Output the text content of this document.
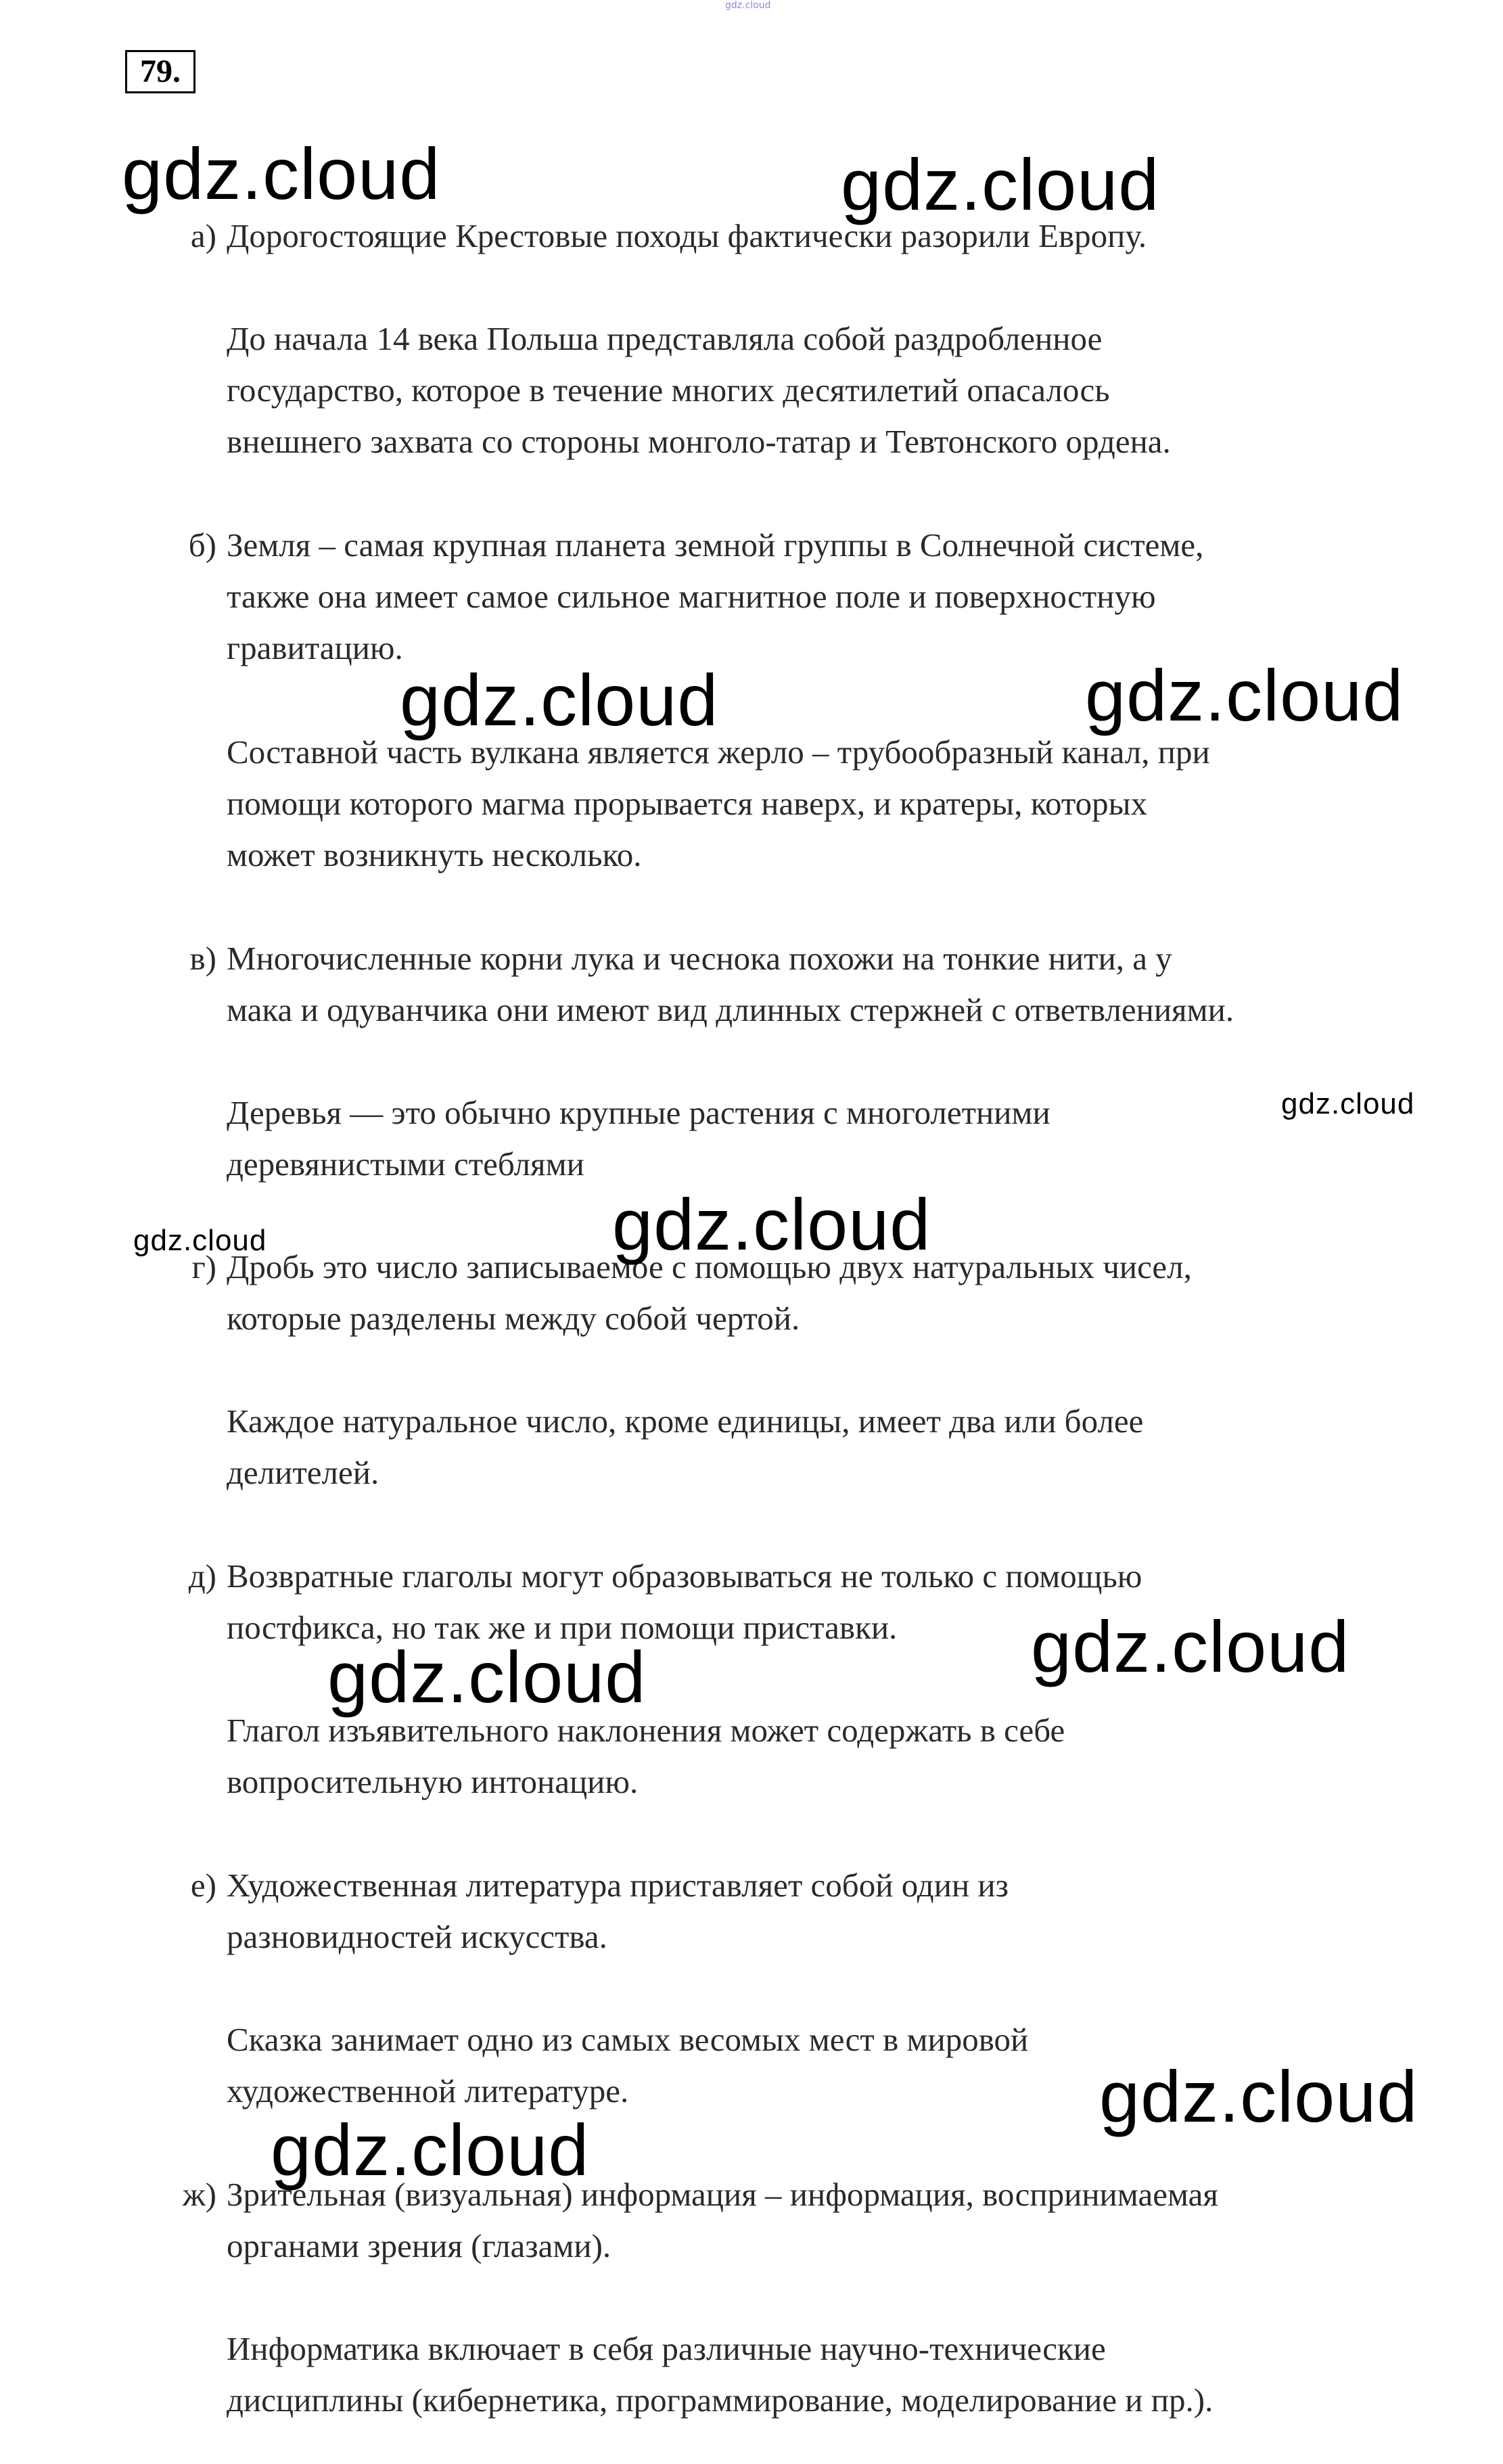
gdz.cloud
79.
а) Дорогостоящие Крестовые походы фактически разорили Европу.

До начала 14 века Польша представляла собой раздробленное
государство, которое в течение многих десятилетий опасалось
внешнего захвата со стороны монголо-татар и Тевтонского ордена.

б) Земля – самая крупная планета земной группы в Солнечной системе,
также она имеет самое сильное магнитное поле и поверхностную
гравитацию.

Составной часть вулкана является жерло – трубообразный канал, при
помощи которого магма прорывается наверх, и кратеры, которых
может возникнуть несколько.

в) Многочисленные корни лука и чеснока похожи на тонкие нити, а у
мака и одуванчика они имеют вид длинных стержней с ответвлениями.

Деревья — это обычно крупные растения с многолетними
деревянистыми стеблями

г) Дробь это число записываемое с помощью двух натуральных чисел,
которые разделены между собой чертой.

Каждое натуральное число, кроме единицы, имеет два или более
делителей.

д) Возвратные глаголы могут образовываться не только с помощью
постфикса, но так же и при помощи приставки.

Глагол изъявительного наклонения может содержать в себе
вопросительную интонацию.

е) Художественная литература приставляет собой один из
разновидностей искусства.

Сказка занимает одно из самых весомых мест в мировой
художественной литературе.

ж) Зрительная (визуальная) информация – информация, воспринимаемая
органами зрения (глазами).

Информатика включает в себя различные научно-технические
дисциплины (кибернетика, программирование, моделирование и пр.).

gdz.cloud	gdz.cloud
gdz.cloud	gdz.cloud
gdz.cloud
gdz.cloud	gdz.cloud
gdz.cloud
gdz.cloud
gdz.cloud
gdz.cloud
